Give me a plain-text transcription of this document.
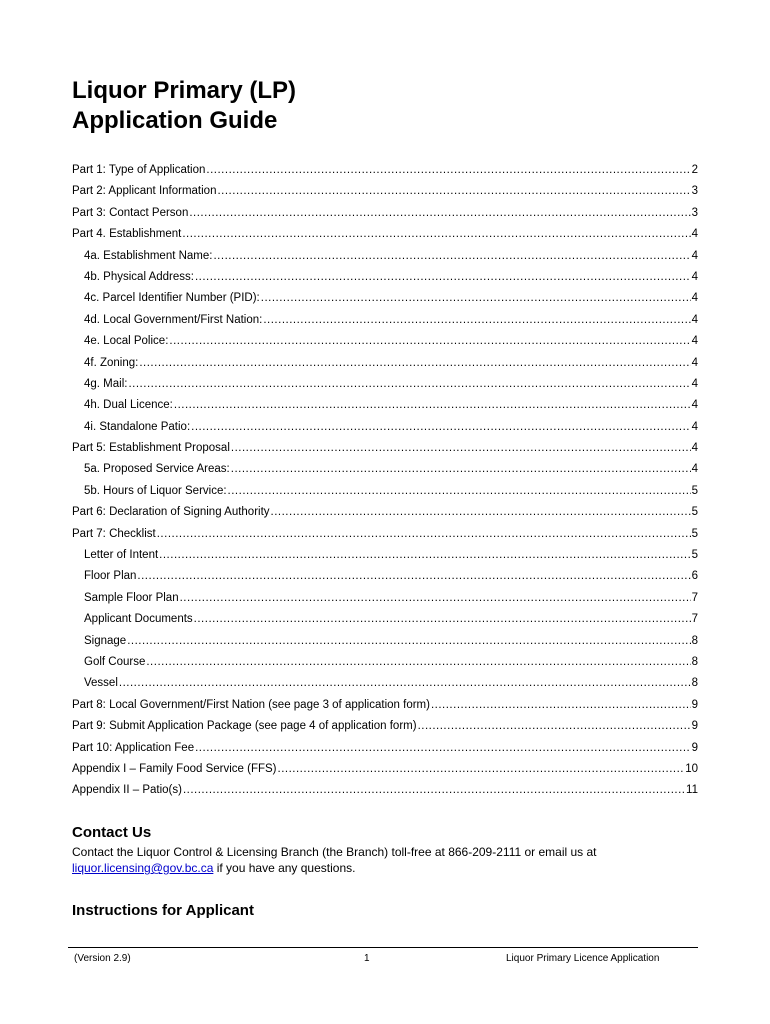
Liquor Primary (LP)
Application Guide
Part 1: Type of Application .....	2
Part 2: Applicant Information .....	3
Part 3: Contact Person .....	3
Part 4. Establishment .....	4
4a. Establishment Name: .....	4
4b. Physical Address: .....	4
4c. Parcel Identifier Number (PID): .....	4
4d. Local Government/First Nation: .....	4
4e. Local Police: .....	4
4f. Zoning: .....	4
4g. Mail: .....	4
4h. Dual Licence: .....	4
4i. Standalone Patio: .....	4
Part 5: Establishment Proposal .....	4
5a. Proposed Service Areas: .....	4
5b. Hours of Liquor Service: .....	5
Part 6: Declaration of Signing Authority .....	5
Part 7: Checklist .....	5
Letter of Intent .....	5
Floor Plan .....	6
Sample Floor Plan .....	7
Applicant Documents .....	7
Signage .....	8
Golf Course .....	8
Vessel .....	8
Part 8: Local Government/First Nation (see page 3 of application form) .....	9
Part 9: Submit Application Package (see page 4 of application form) .....	9
Part 10: Application Fee .....	9
Appendix I – Family Food Service (FFS) .....	10
Appendix II – Patio(s) .....	11
Contact Us
Contact the Liquor Control & Licensing Branch (the Branch) toll-free at 866-209-2111 or email us at
liquor.licensing@gov.bc.ca if you have any questions.
Instructions for Applicant
(Version 2.9)	1	Liquor Primary Licence Application
